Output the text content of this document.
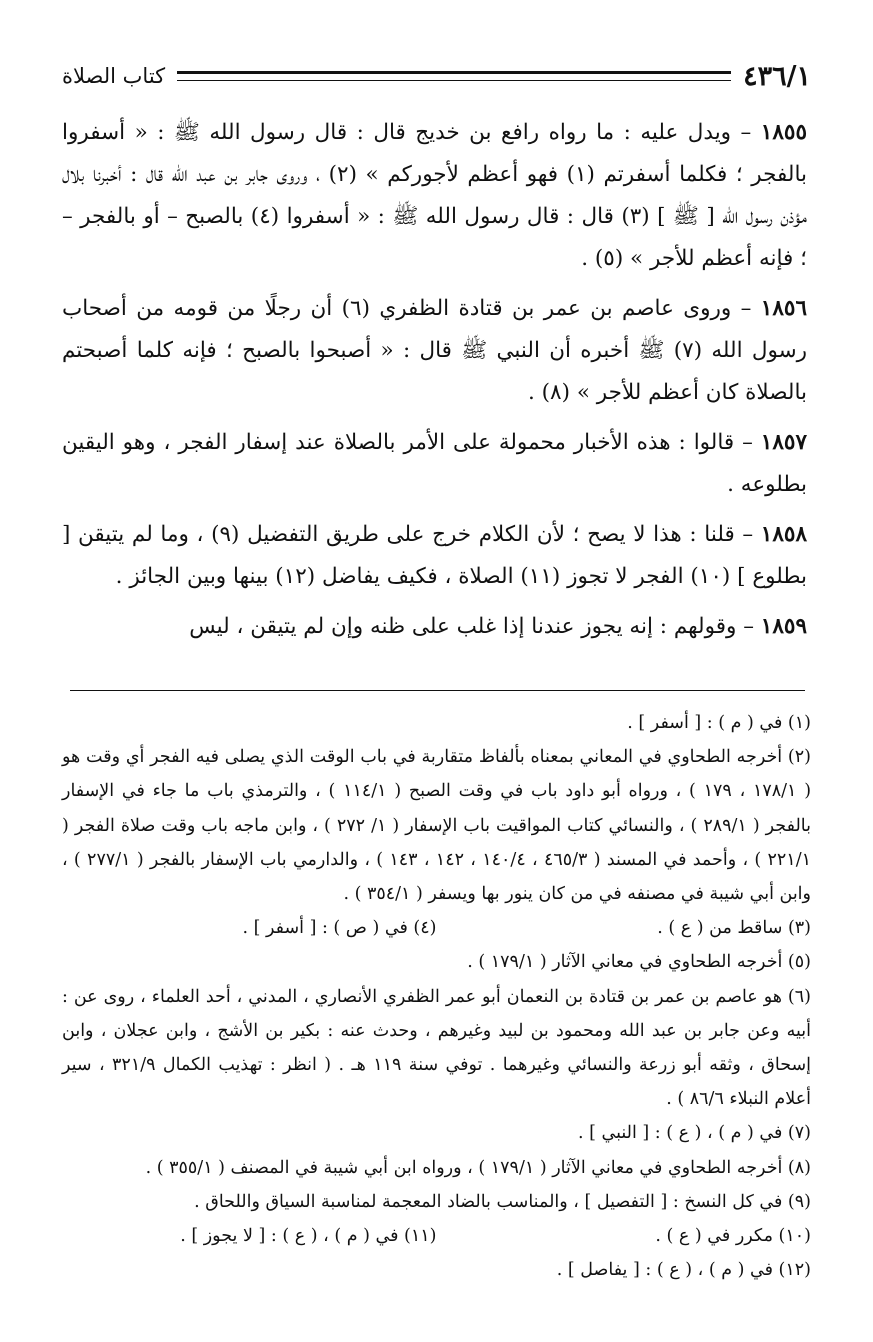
٤٣٦/١
كتاب الصلاة

١٨٥٥ – ويدل عليه : ما رواه رافع بن خديج قال : قال رسول الله ﷺ : « أسفروا بالفجر ؛ فكلما أسفرتم (١) فهو أعظم لأجوركم » (٢) ، وروى جابر بن عبد الله قال : أخبرنا بلال مؤذن رسول الله [ ﷺ ] (٣) قال : قال رسول الله ﷺ : « أسفروا (٤) بالصبح – أو بالفجر – ؛ فإنه أعظم للأجر » (٥) .

١٨٥٦ – وروى عاصم بن عمر بن قتادة الظفري (٦) أن رجلًا من قومه من أصحاب رسول الله (٧) ﷺ أخبره أن النبي ﷺ قال : « أصبحوا بالصبح ؛ فإنه كلما أصبحتم بالصلاة كان أعظم للأجر » (٨) .

١٨٥٧ – قالوا : هذه الأخبار محمولة على الأمر بالصلاة عند إسفار الفجر ، وهو اليقين بطلوعه .

١٨٥٨ – قلنا : هذا لا يصح ؛ لأن الكلام خرج على طريق التفضيل (٩) ، وما لم يتيقن [ بطلوع ] (١٠) الفجر لا تجوز (١١) الصلاة ، فكيف يفاضل (١٢) بينها وبين الجائز .

١٨٥٩ – وقولهم : إنه يجوز عندنا إذا غلب على ظنه وإن لم يتيقن ، ليس

(١) في ( م ) : [ أسفر ] .

(٢) أخرجه الطحاوي في المعاني بمعناه بألفاظ متقاربة في باب الوقت الذي يصلى فيه الفجر أي وقت هو ( ١٧٨/١ ، ١٧٩ ) ، ورواه أبو داود باب في وقت الصبح ( ١١٤/١ ) ، والترمذي باب ما جاء في الإسفار بالفجر ( ٢٨٩/١ ) ، والنسائي كتاب المواقيت باب الإسفار ( ١/ ٢٧٢ ) ، وابن ماجه باب وقت صلاة الفجر ( ٢٢١/١ ) ، وأحمد في المسند ( ٤٦٥/٣ ، ١٤٠/٤ ، ١٤٢ ، ١٤٣ ) ، والدارمي باب الإسفار بالفجر ( ٢٧٧/١ ) ، وابن أبي شيبة في مصنفه في من كان ينور بها ويسفر ( ٣٥٤/١ ) .

(٣) ساقط من ( ع ) .

(٤) في ( ص ) : [ أسفر ] .

(٥) أخرجه الطحاوي في معاني الآثار ( ١٧٩/١ ) .

(٦) هو عاصم بن عمر بن قتادة بن النعمان أبو عمر الظفري الأنصاري ، المدني ، أحد العلماء ، روى عن : أبيه وعن جابر بن عبد الله ومحمود بن لبيد وغيرهم ، وحدث عنه : بكير بن الأشج ، وابن عجلان ، وابن إسحاق ، وثقه أبو زرعة والنسائي وغيرهما . توفي سنة ١١٩ هـ . ( انظر : تهذيب الكمال ٣٢١/٩ ، سير أعلام النبلاء ٨٦/٦ ) .

(٧) في ( م ) ، ( ع ) : [ النبي ] .

(٨) أخرجه الطحاوي في معاني الآثار ( ١٧٩/١ ) ، ورواه ابن أبي شيبة في المصنف ( ٣٥٥/١ ) .

(٩) في كل النسخ : [ التفصيل ] ، والمناسب بالضاد المعجمة لمناسبة السياق واللحاق .

(١٠) مكرر في ( ع ) .

(١١) في ( م ) ، ( ع ) : [ لا يجوز ] .

(١٢) في ( م ) ، ( ع ) : [ يفاصل ] .
